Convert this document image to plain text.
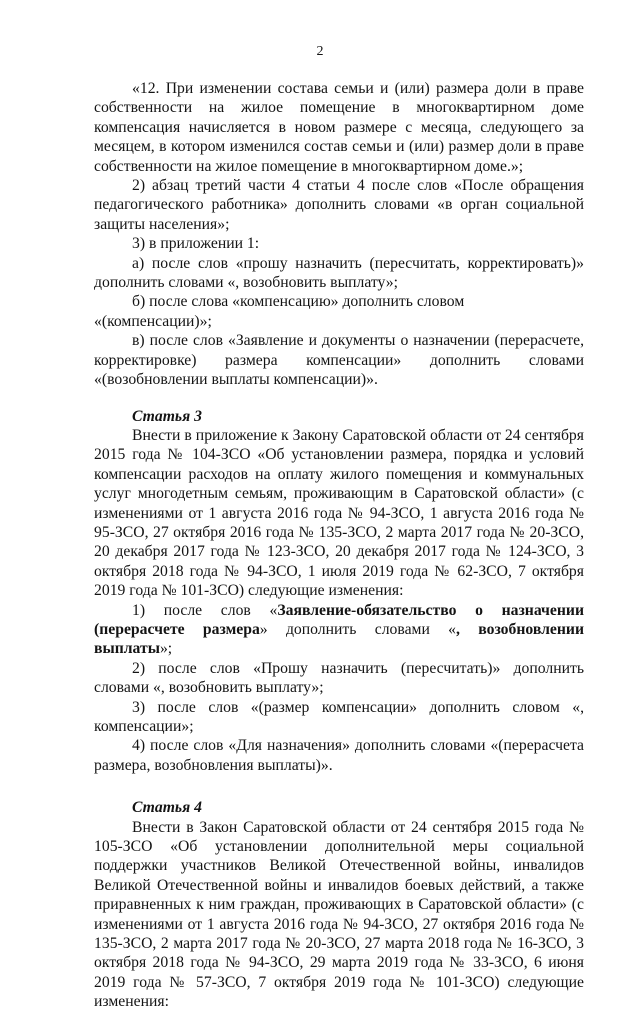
2

«12. При изменении состава семьи и (или) размера доли в праве собственности на жилое помещение в многоквартирном доме компенсация начисляется в новом размере с месяца, следующего за месяцем, в котором изменился состав семьи и (или) размер доли в праве собственности на жилое помещение в многоквартирном доме.»;

2) абзац третий части 4 статьи 4 после слов «После обращения педагогического работника» дополнить словами «в орган социальной защиты населения»;

3) в приложении 1:

а) после слов «прошу назначить (пересчитать, корректировать)» дополнить словами «, возобновить выплату»;

б) после слова «компенсацию» дополнить словом «(компенсации)»;

в) после слов «Заявление и документы о назначении (перерасчете, корректировке) размера компенсации» дополнить словами «(возобновлении выплаты компенсации)».

Статья 3

Внести в приложение к Закону Саратовской области от 24 сентября 2015 года № 104-ЗСО «Об установлении размера, порядка и условий компенсации расходов на оплату жилого помещения и коммунальных услуг многодетным семьям, проживающим в Саратовской области» (с изменениями от 1 августа 2016 года № 94-ЗСО, 1 августа 2016 года № 95-ЗСО, 27 октября 2016 года № 135-ЗСО, 2 марта 2017 года № 20-ЗСО, 20 декабря 2017 года № 123-ЗСО, 20 декабря 2017 года № 124-ЗСО, 3 октября 2018 года № 94-ЗСО, 1 июля 2019 года № 62-ЗСО, 7 октября 2019 года № 101-ЗСО) следующие изменения:

1) после слов «Заявление-обязательство о назначении (перерасчете размера» дополнить словами «, возобновлении выплаты»;

2) после слов «Прошу назначить (пересчитать)» дополнить словами «, возобновить выплату»;

3) после слов «(размер компенсации» дополнить словом «, компенсации»;

4) после слов «Для назначения» дополнить словами «(перерасчета размера, возобновления выплаты)».

Статья 4

Внести в Закон Саратовской области от 24 сентября 2015 года № 105-ЗСО «Об установлении дополнительной меры социальной поддержки участников Великой Отечественной войны, инвалидов Великой Отечественной войны и инвалидов боевых действий, а также приравненных к ним граждан, проживающих в Саратовской области» (с изменениями от 1 августа 2016 года № 94-ЗСО, 27 октября 2016 года № 135-ЗСО, 2 марта 2017 года № 20-ЗСО, 27 марта 2018 года № 16-ЗСО, 3 октября 2018 года № 94-ЗСО, 29 марта 2019 года № 33-ЗСО, 6 июня 2019 года № 57-ЗСО, 7 октября 2019 года № 101-ЗСО) следующие изменения:
